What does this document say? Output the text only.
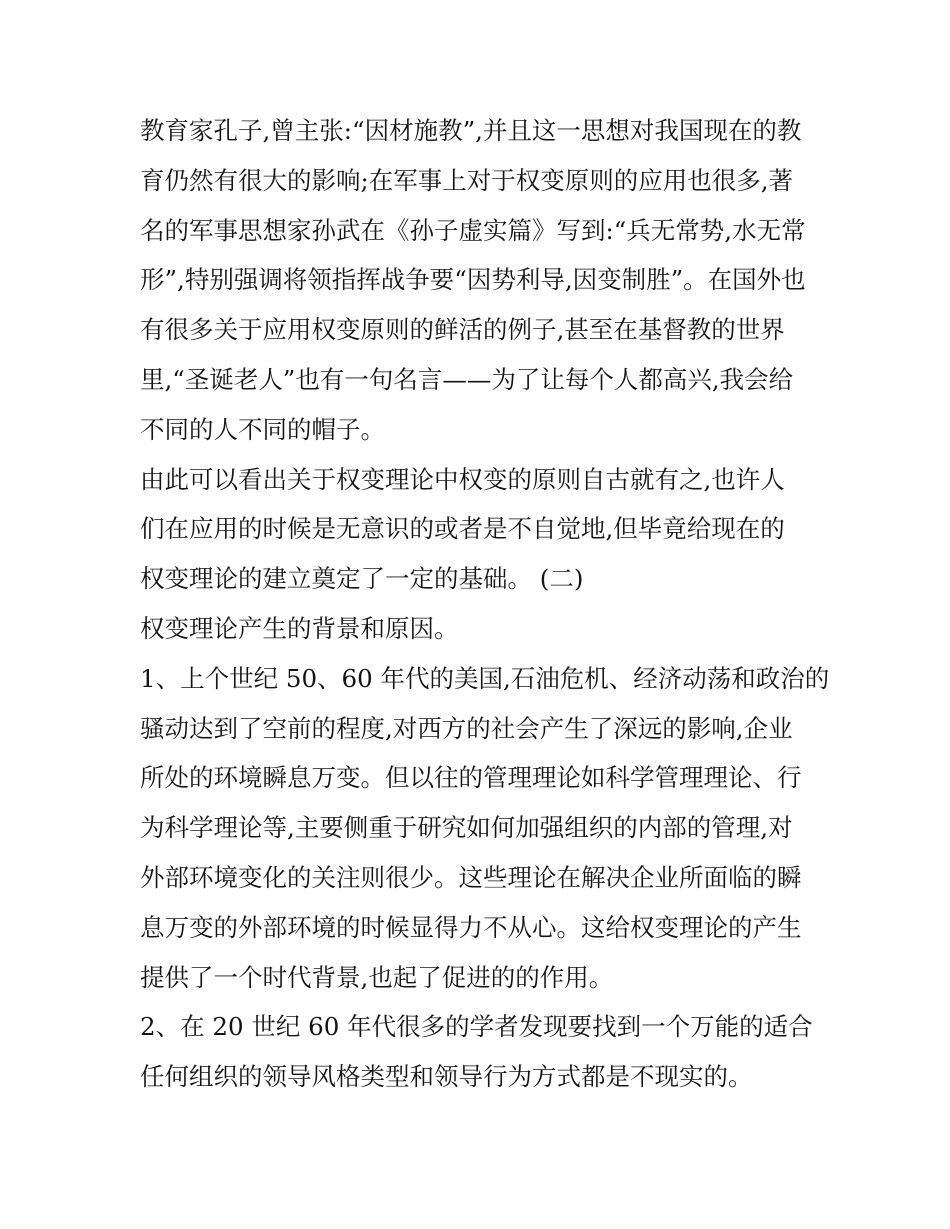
教育家孔子,曾主张:“因材施教”,并且这一思想对我国现在的教
育仍然有很大的影响;在军事上对于权变原则的应用也很多,著
名的军事思想家孙武在《孙子虚实篇》写到:“兵无常势,水无常
形”,特别强调将领指挥战争要“因势利导,因变制胜”。在国外也
有很多关于应用权变原则的鲜活的例子,甚至在基督教的世界
里,“圣诞老人”也有一句名言——为了让每个人都高兴,我会给
不同的人不同的帽子。
由此可以看出关于权变理论中权变的原则自古就有之,也许人
们在应用的时候是无意识的或者是不自觉地,但毕竟给现在的
权变理论的建立奠定了一定的基础。 (二)
权变理论产生的背景和原因。
1、上个世纪 50、60 年代的美国,石油危机、经济动荡和政治的
骚动达到了空前的程度,对西方的社会产生了深远的影响,企业
所处的环境瞬息万变。但以往的管理理论如科学管理理论、行
为科学理论等,主要侧重于研究如何加强组织的内部的管理,对
外部环境变化的关注则很少。这些理论在解决企业所面临的瞬
息万变的外部环境的时候显得力不从心。这给权变理论的产生
提供了一个时代背景,也起了促进的的作用。
2、在 20 世纪 60 年代很多的学者发现要找到一个万能的适合
任何组织的领导风格类型和领导行为方式都是不现实的。
